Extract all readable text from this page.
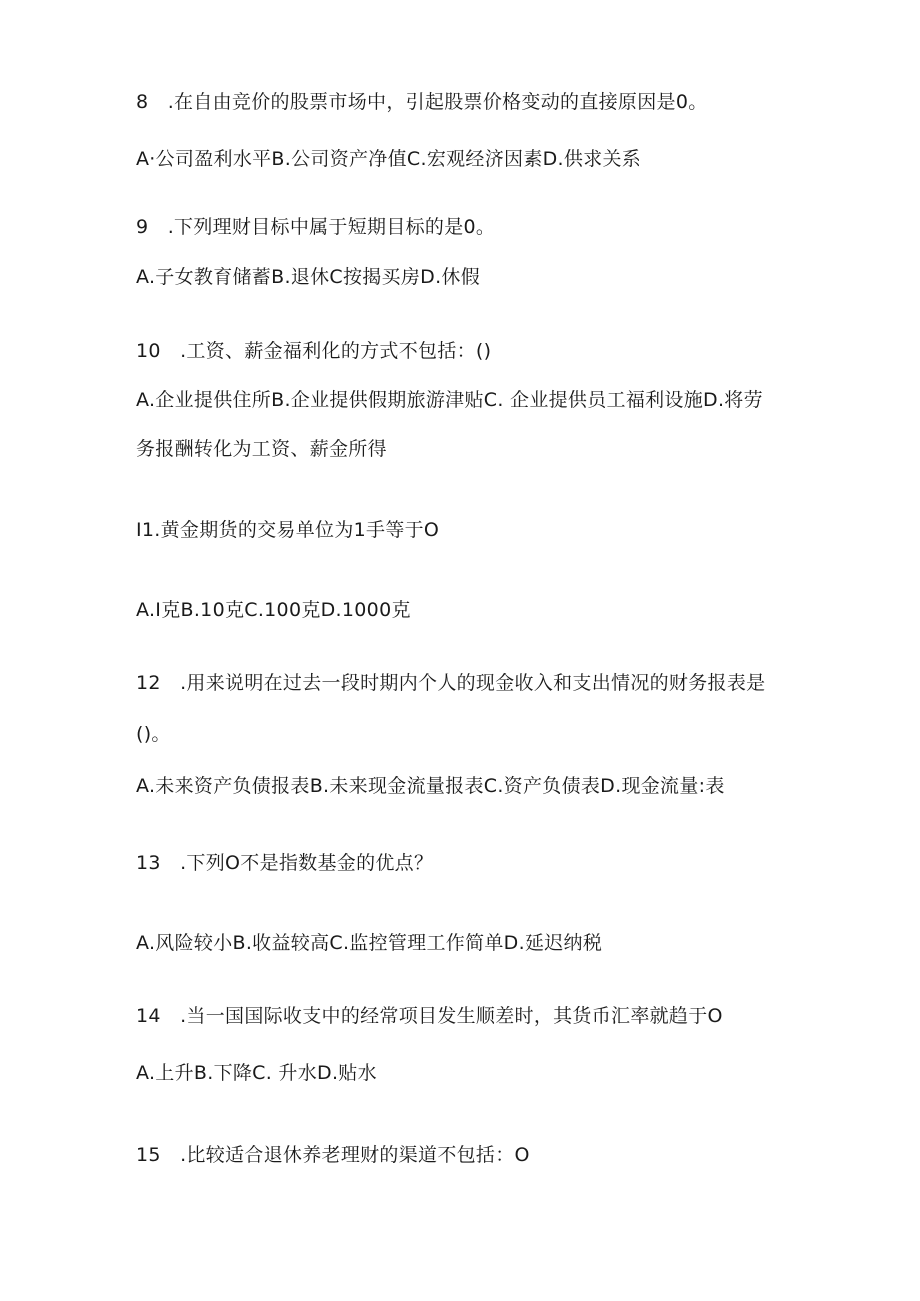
8　.在自由竞价的股票市场中，引起股票价格变动的直接原因是0。
A·公司盈利水平B.公司资产净值C.宏观经济因素D.供求关系
9　.下列理财目标中属于短期目标的是0。
A.子女教育储蓄B.退休C按揭买房D.休假
10　.工资、薪金福利化的方式不包括：()
A.企业提供住所B.企业提供假期旅游津贴C. 企业提供员工福利设施D.将劳
务报酬转化为工资、薪金所得
I1.黄金期货的交易单位为1手等于O
A.I克B.10克C.100克D.1000克
12　.用来说明在过去一段时期内个人的现金收入和支出情况的财务报表是
()。
A.未来资产负债报表B.未来现金流量报表C.资产负债表D.现金流量:表
13　.下列O不是指数基金的优点？
A.风险较小B.收益较高C.监控管理工作简单D.延迟纳税
14　.当一国国际收支中的经常项目发生顺差时，其货币汇率就趋于O
A.上升B.下降C. 升水D.贴水
15　.比较适合退休养老理财的渠道不包括：O
